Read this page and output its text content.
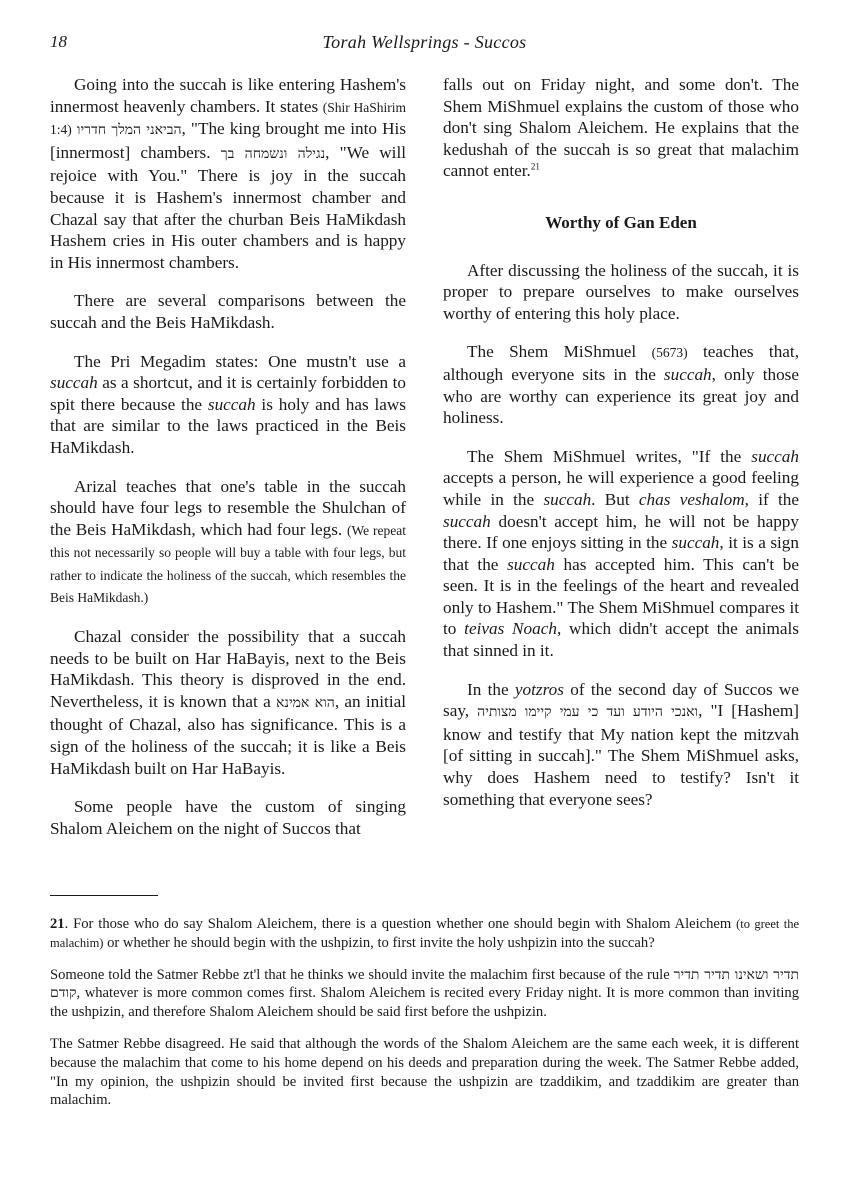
18	Torah Wellsprings - Succos

Going into the succah is like entering Hashem's innermost heavenly chambers. It states (Shir HaShirim 1:4) הביאני המלך חדריו, "The king brought me into His [innermost] chambers. נגילה ונשמחה בך, "We will rejoice with You." There is joy in the succah because it is Hashem's innermost chamber and Chazal say that after the churban Beis HaMikdash Hashem cries in His outer chambers and is happy in His innermost chambers.

There are several comparisons between the succah and the Beis HaMikdash.

The Pri Megadim states: One mustn't use a succah as a shortcut, and it is certainly forbidden to spit there because the succah is holy and has laws that are similar to the laws practiced in the Beis HaMikdash.

Arizal teaches that one's table in the succah should have four legs to resemble the Shulchan of the Beis HaMikdash, which had four legs. (We repeat this not necessarily so people will buy a table with four legs, but rather to indicate the holiness of the succah, which resembles the Beis HaMikdash.)

Chazal consider the possibility that a succah needs to be built on Har HaBayis, next to the Beis HaMikdash. This theory is disproved in the end. Nevertheless, it is known that a הוא אמינא, an initial thought of Chazal, also has significance. This is a sign of the holiness of the succah; it is like a Beis HaMikdash built on Har HaBayis.

Some people have the custom of singing Shalom Aleichem on the night of Succos that

falls out on Friday night, and some don't. The Shem MiShmuel explains the custom of those who don't sing Shalom Aleichem. He explains that the kedushah of the succah is so great that malachim cannot enter.$^{21}$

Worthy of Gan Eden

After discussing the holiness of the succah, it is proper to prepare ourselves to make ourselves worthy of entering this holy place.

The Shem MiShmuel (5673) teaches that, although everyone sits in the succah, only those who are worthy can experience its great joy and holiness.

The Shem MiShmuel writes, "If the succah accepts a person, he will experience a good feeling while in the succah. But chas veshalom, if the succah doesn't accept him, he will not be happy there. If one enjoys sitting in the succah, it is a sign that the succah has accepted him. This can't be seen. It is in the feelings of the heart and revealed only to Hashem." The Shem MiShmuel compares it to teivas Noach, which didn't accept the animals that sinned in it.

In the yotzros of the second day of Succos we say, ואנכי היודע ועד כי עמי קיימו מצותיה, "I [Hashem] know and testify that My nation kept the mitzvah [of sitting in succah]." The Shem MiShmuel asks, why does Hashem need to testify? Isn't it something that everyone sees?

21. For those who do say Shalom Aleichem, there is a question whether one should begin with Shalom Aleichem (to greet the malachim) or whether he should begin with the ushpizin, to first invite the holy ushpizin into the succah?

Someone told the Satmer Rebbe zt'l that he thinks we should invite the malachim first because of the rule תדיר ושאינו תדיר תדיר קודם, whatever is more common comes first. Shalom Aleichem is recited every Friday night. It is more common than inviting the ushpizin, and therefore Shalom Aleichem should be said first before the ushpizin.

The Satmer Rebbe disagreed. He said that although the words of the Shalom Aleichem are the same each week, it is different because the malachim that come to his home depend on his deeds and preparation during the week. The Satmer Rebbe added, "In my opinion, the ushpizin should be invited first because the ushpizin are tzaddikim, and tzaddikim are greater than malachim.
